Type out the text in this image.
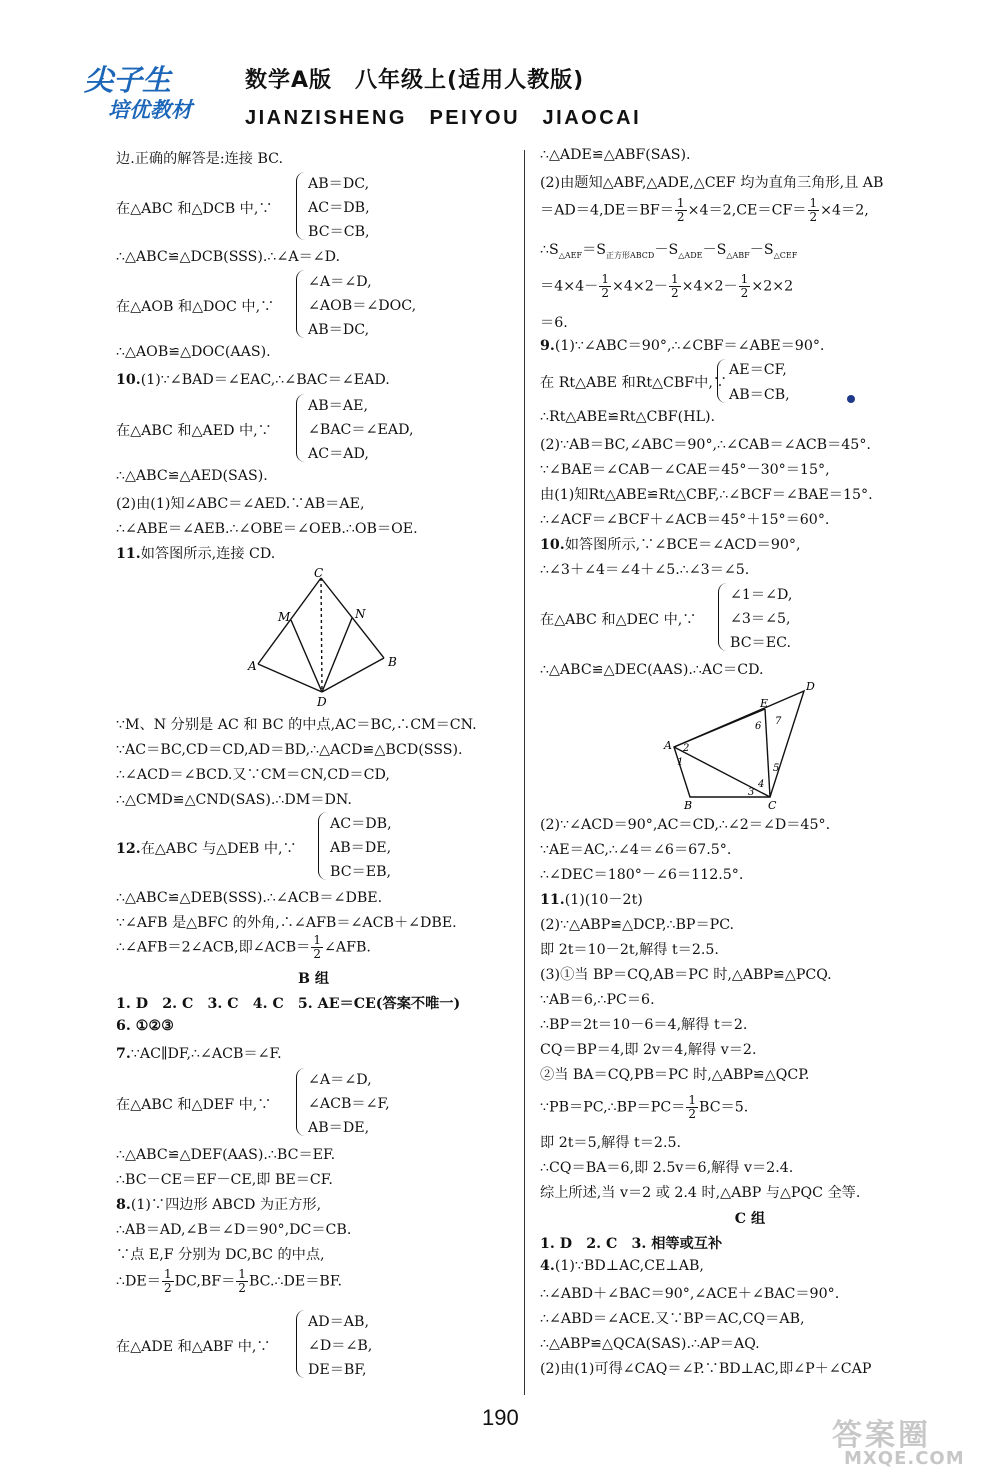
尖子生
培优教材
数学A版　八年级上(适用人教版)
JIANZISHENG　PEIYOU　JIAOCAI
边.正确的解答是:连接 BC.
在△ABC 和△DCB 中,∵
AB＝DC,
AC＝DB,
BC＝CB,
∴△ABC≌△DCB(SSS).∴∠A＝∠D.
在△AOB 和△DOC 中,∵
∠A＝∠D,
∠AOB＝∠DOC,
AB＝DC,
∴△AOB≌△DOC(AAS).
10.(1)∵∠BAD＝∠EAC,∴∠BAC＝∠EAD.
在△ABC 和△AED 中,∵
AB＝AE,
∠BAC＝∠EAD,
AC＝AD,
∴△ABC≌△AED(SAS).
(2)由(1)知∠ABC＝∠AED.∵AB＝AE,
∴∠ABE＝∠AEB.∴∠OBE＝∠OEB.∴OB＝OE.
11.如答图所示,连接 CD.
C
M	N
A	B
D
∵M、N 分别是 AC 和 BC 的中点,AC＝BC,∴CM＝CN.
∵AC＝BC,CD＝CD,AD＝BD,∴△ACD≌△BCD(SSS).
∴∠ACD＝∠BCD.又∵CM＝CN,CD＝CD,
∴△CMD≌△CND(SAS).∴DM＝DN.
12.在△ABC 与△DEB 中,∵
AC＝DB,
AB＝DE,
BC＝EB,
∴△ABC≌△DEB(SSS).∴∠ACB＝∠DBE.
∵∠AFB 是△BFC 的外角,∴∠AFB＝∠ACB＋∠DBE.
∴∠AFB＝2∠ACB,即∠ACB＝ $\frac{1}{2}$ ∠AFB.
B 组
1. D　2. C　3. C　4. C　5. AE＝CE(答案不唯一)
6. ①②③
7.∵AC∥DF,∴∠ACB＝∠F.
在△ABC 和△DEF 中,∵
∠A＝∠D,
∠ACB＝∠F,
AB＝DE,
∴△ABC≌△DEF(AAS).∴BC＝EF.
∴BC－CE＝EF－CE,即 BE＝CF.
8.(1)∵四边形 ABCD 为正方形,
∴AB＝AD,∠B＝∠D＝90°,DC＝CB.
∵点 E,F 分别为 DC,BC 的中点,
∴DE＝ $\frac{1}{2} DC,BF= \frac{1}{2}$ BC.∴DE＝BF.
在△ADE 和△ABF 中,∵
AD＝AB,
∠D＝∠B,
DE＝BF,
∴△ADE≌△ABF(SAS).
(2)由题知△ABF,△ADE,△CEF 均为直角三角形,且 AB
$=AD=4,DE=BF= \frac{1}{2} \times 4=2,CE=CF= \frac{1}{2} \times 4=2$,
$\therefore S_{\triangle AEF}=S_{正方形ABCD}-S_{\triangle ADE}-S_{\triangle ABF}-S_{\triangle CEF}$
$=4\times 4- \frac{1}{2} \times 4\times 2- \frac{1}{2} \times 4\times 2- \frac{1}{2} \times 2\times 2$
＝6.
9.(1)∵∠ABC＝90°,∴∠CBF＝∠ABE＝90°.
在 Rt△ABE 和Rt△CBF中,∵
AE＝CF,
AB＝CB,
∴Rt△ABE≌Rt△CBF(HL).
(2)∵AB＝BC,∠ABC＝90°,∴∠CAB＝∠ACB＝45°.
∵∠BAE＝∠CAB－∠CAE＝45°－30°＝15°,
由(1)知Rt△ABE≌Rt△CBF,∴∠BCF＝∠BAE＝15°.
∴∠ACF＝∠BCF＋∠ACB＝45°＋15°＝60°.
10.如答图所示,∵∠BCE＝∠ACD＝90°,
∴∠3＋∠4＝∠4＋∠5.∴∠3＝∠5.
在△ABC 和△DEC 中,∵
∠1＝∠D,
∠3＝∠5,
BC＝EC.
∴△ABC≌△DEC(AAS).∴AC＝CD.
D
E
7
6
A 2
1
5
4
3
B	C
(2)∵∠ACD＝90°,AC＝CD,∴∠2＝∠D＝45°.
∵AE＝AC,∴∠4＝∠6＝67.5°.
∴∠DEC＝180°－∠6＝112.5°.
11.(1)(10－2t)
(2)∵△ABP≌△DCP,∴BP＝PC.
即 2t＝10－2t,解得 t＝2.5.
(3)①当 BP＝CQ,AB＝PC 时,△ABP≌△PCQ.
∵AB＝6,∴PC＝6.
∴BP＝2t＝10－6＝4,解得 t＝2.
CQ＝BP＝4,即 2v＝4,解得 v＝2.
②当 BA＝CQ,PB＝PC 时,△ABP≌△QCP.
∵PB＝PC,∴BP＝PC＝ $\frac{1}{2} BC=5$.
即 2t＝5,解得 t＝2.5.
∴CQ＝BA＝6,即 2.5v＝6,解得 v＝2.4.
综上所述,当 v＝2 或 2.4 时,△ABP 与△PQC 全等.
C 组
1. D　2. C　3. 相等或互补
4.(1)∵BD⊥AC,CE⊥AB,
∴∠ABD＋∠BAC＝90°,∠ACE＋∠BAC＝90°.
∴∠ABD＝∠ACE.又∵BP＝AC,CQ＝AB,
∴△ABP≌△QCA(SAS).∴AP＝AQ.
(2)由(1)可得∠CAQ＝∠P.∵BD⊥AC,即∠P＋∠CAP
190
答案圈
MXQE.COM
